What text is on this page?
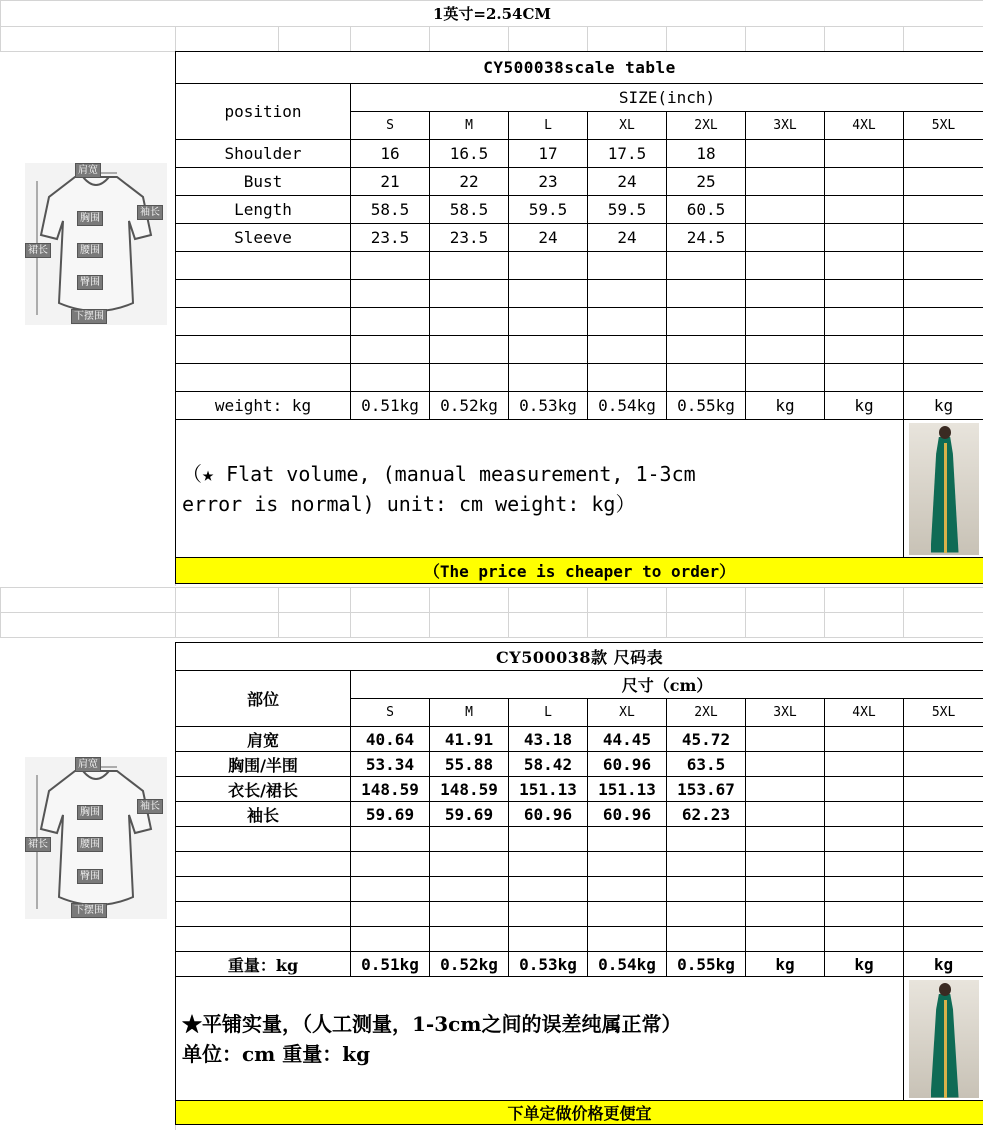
1英寸=2.54CM

肩宽
袖长
胸围
裙长	腰围
臀围
下摆围
CY500038scale table								
position	SIZE(inch)							
	S	M	L	XL	2XL	3XL	4XL	5XL
Shoulder	16	16.5	17	17.5	18			
Bust	21	22	23	24	25			
Length	58.5	58.5	59.5	59.5	60.5			
Sleeve	23.5	23.5	24	24	24.5			

weight: kg	0.51kg	0.52kg	0.53kg	0.54kg	0.55kg	kg	kg	kg

（★ Flat volume, (manual measurement, 1-3cm
error is normal) unit: cm weight: kg）								

（The price is cheaper to order）								

肩宽
袖长
胸围
裙长	腰围
臀围
下摆围
CY500038款 尺码表								
部位	尺寸（cm）							
	S	M	L	XL	2XL	3XL	4XL	5XL
肩宽	40.64	41.91	43.18	44.45	45.72			
胸围/半围	53.34	55.88	58.42	60.96	63.5			
衣长/裙长	148.59	148.59	151.13	151.13	153.67			
袖长	59.69	59.69	60.96	60.96	62.23			

重量：kg	0.51kg	0.52kg	0.53kg	0.54kg	0.55kg	kg	kg	kg

★平铺实量，（人工测量，1-3cm之间的误差纯属正常）
单位：cm 重量：kg								

下单定做价格更便宜								
